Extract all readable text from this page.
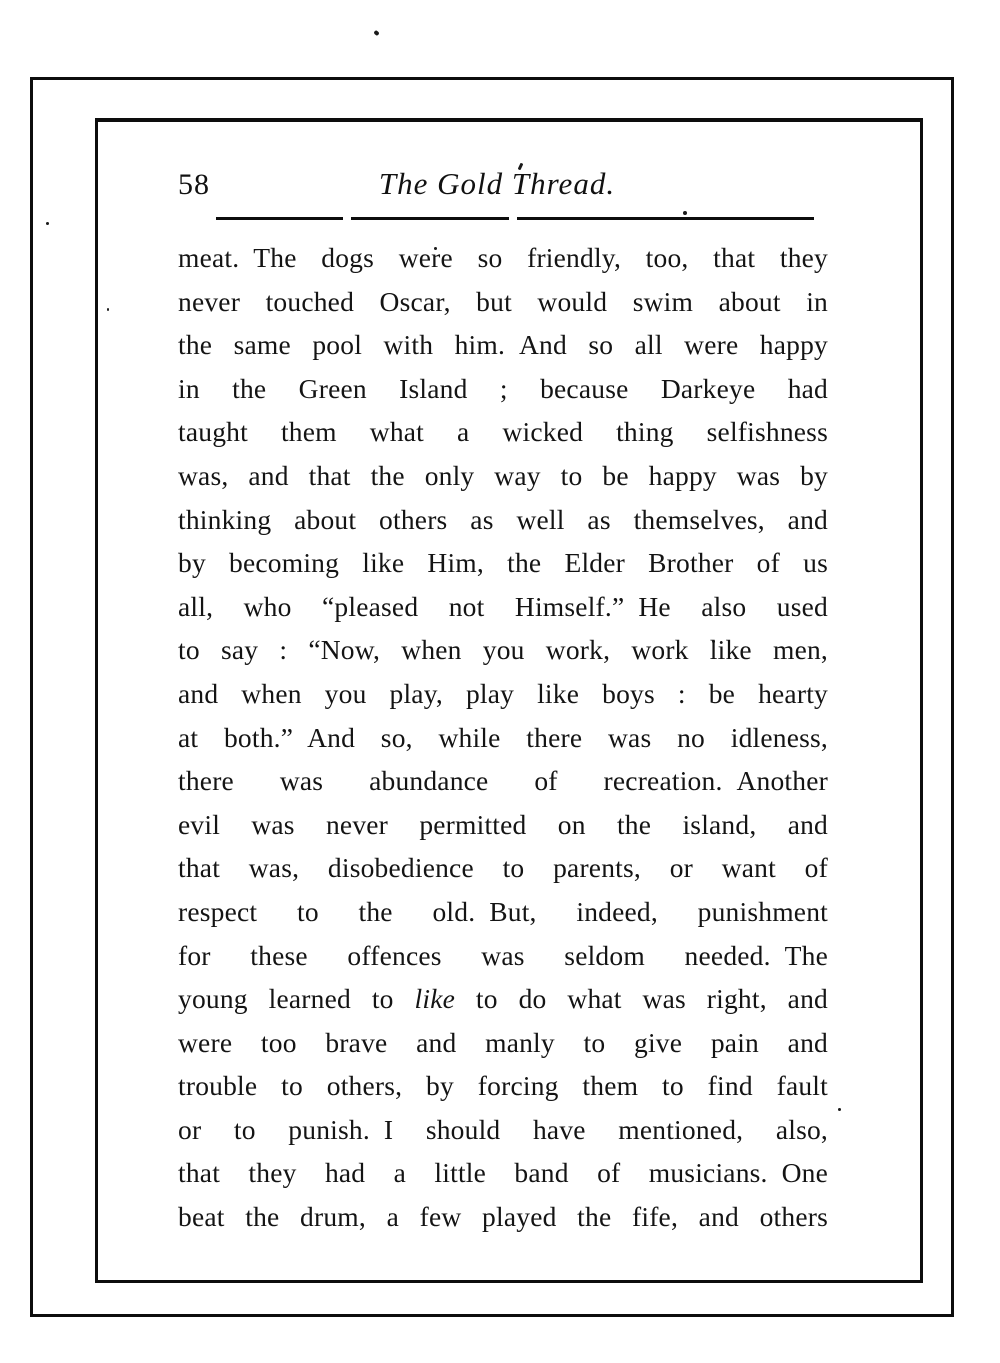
58	The Gold Thread.
meat. The dogs were so friendly, too, that they
never touched Oscar, but would swim about in
the same pool with him. And so all were happy
in the Green Island ; because Darkeye had
taught them what a wicked thing selfishness
was, and that the only way to be happy was by
thinking about others as well as themselves, and
by becoming like Him, the Elder Brother of us
all, who “pleased not Himself.” He also used
to say : “Now, when you work, work like men,
and when you play, play like boys : be hearty
at both.” And so, while there was no idleness,
there was abundance of recreation. Another
evil was never permitted on the island, and
that was, disobedience to parents, or want of
respect to the old. But, indeed, punishment
for these offences was seldom needed. The
young learned to like to do what was right, and
were too brave and manly to give pain and
trouble to others, by forcing them to find fault
or to punish. I should have mentioned, also,
that they had a little band of musicians. One
beat the drum, a few played the fife, and others
